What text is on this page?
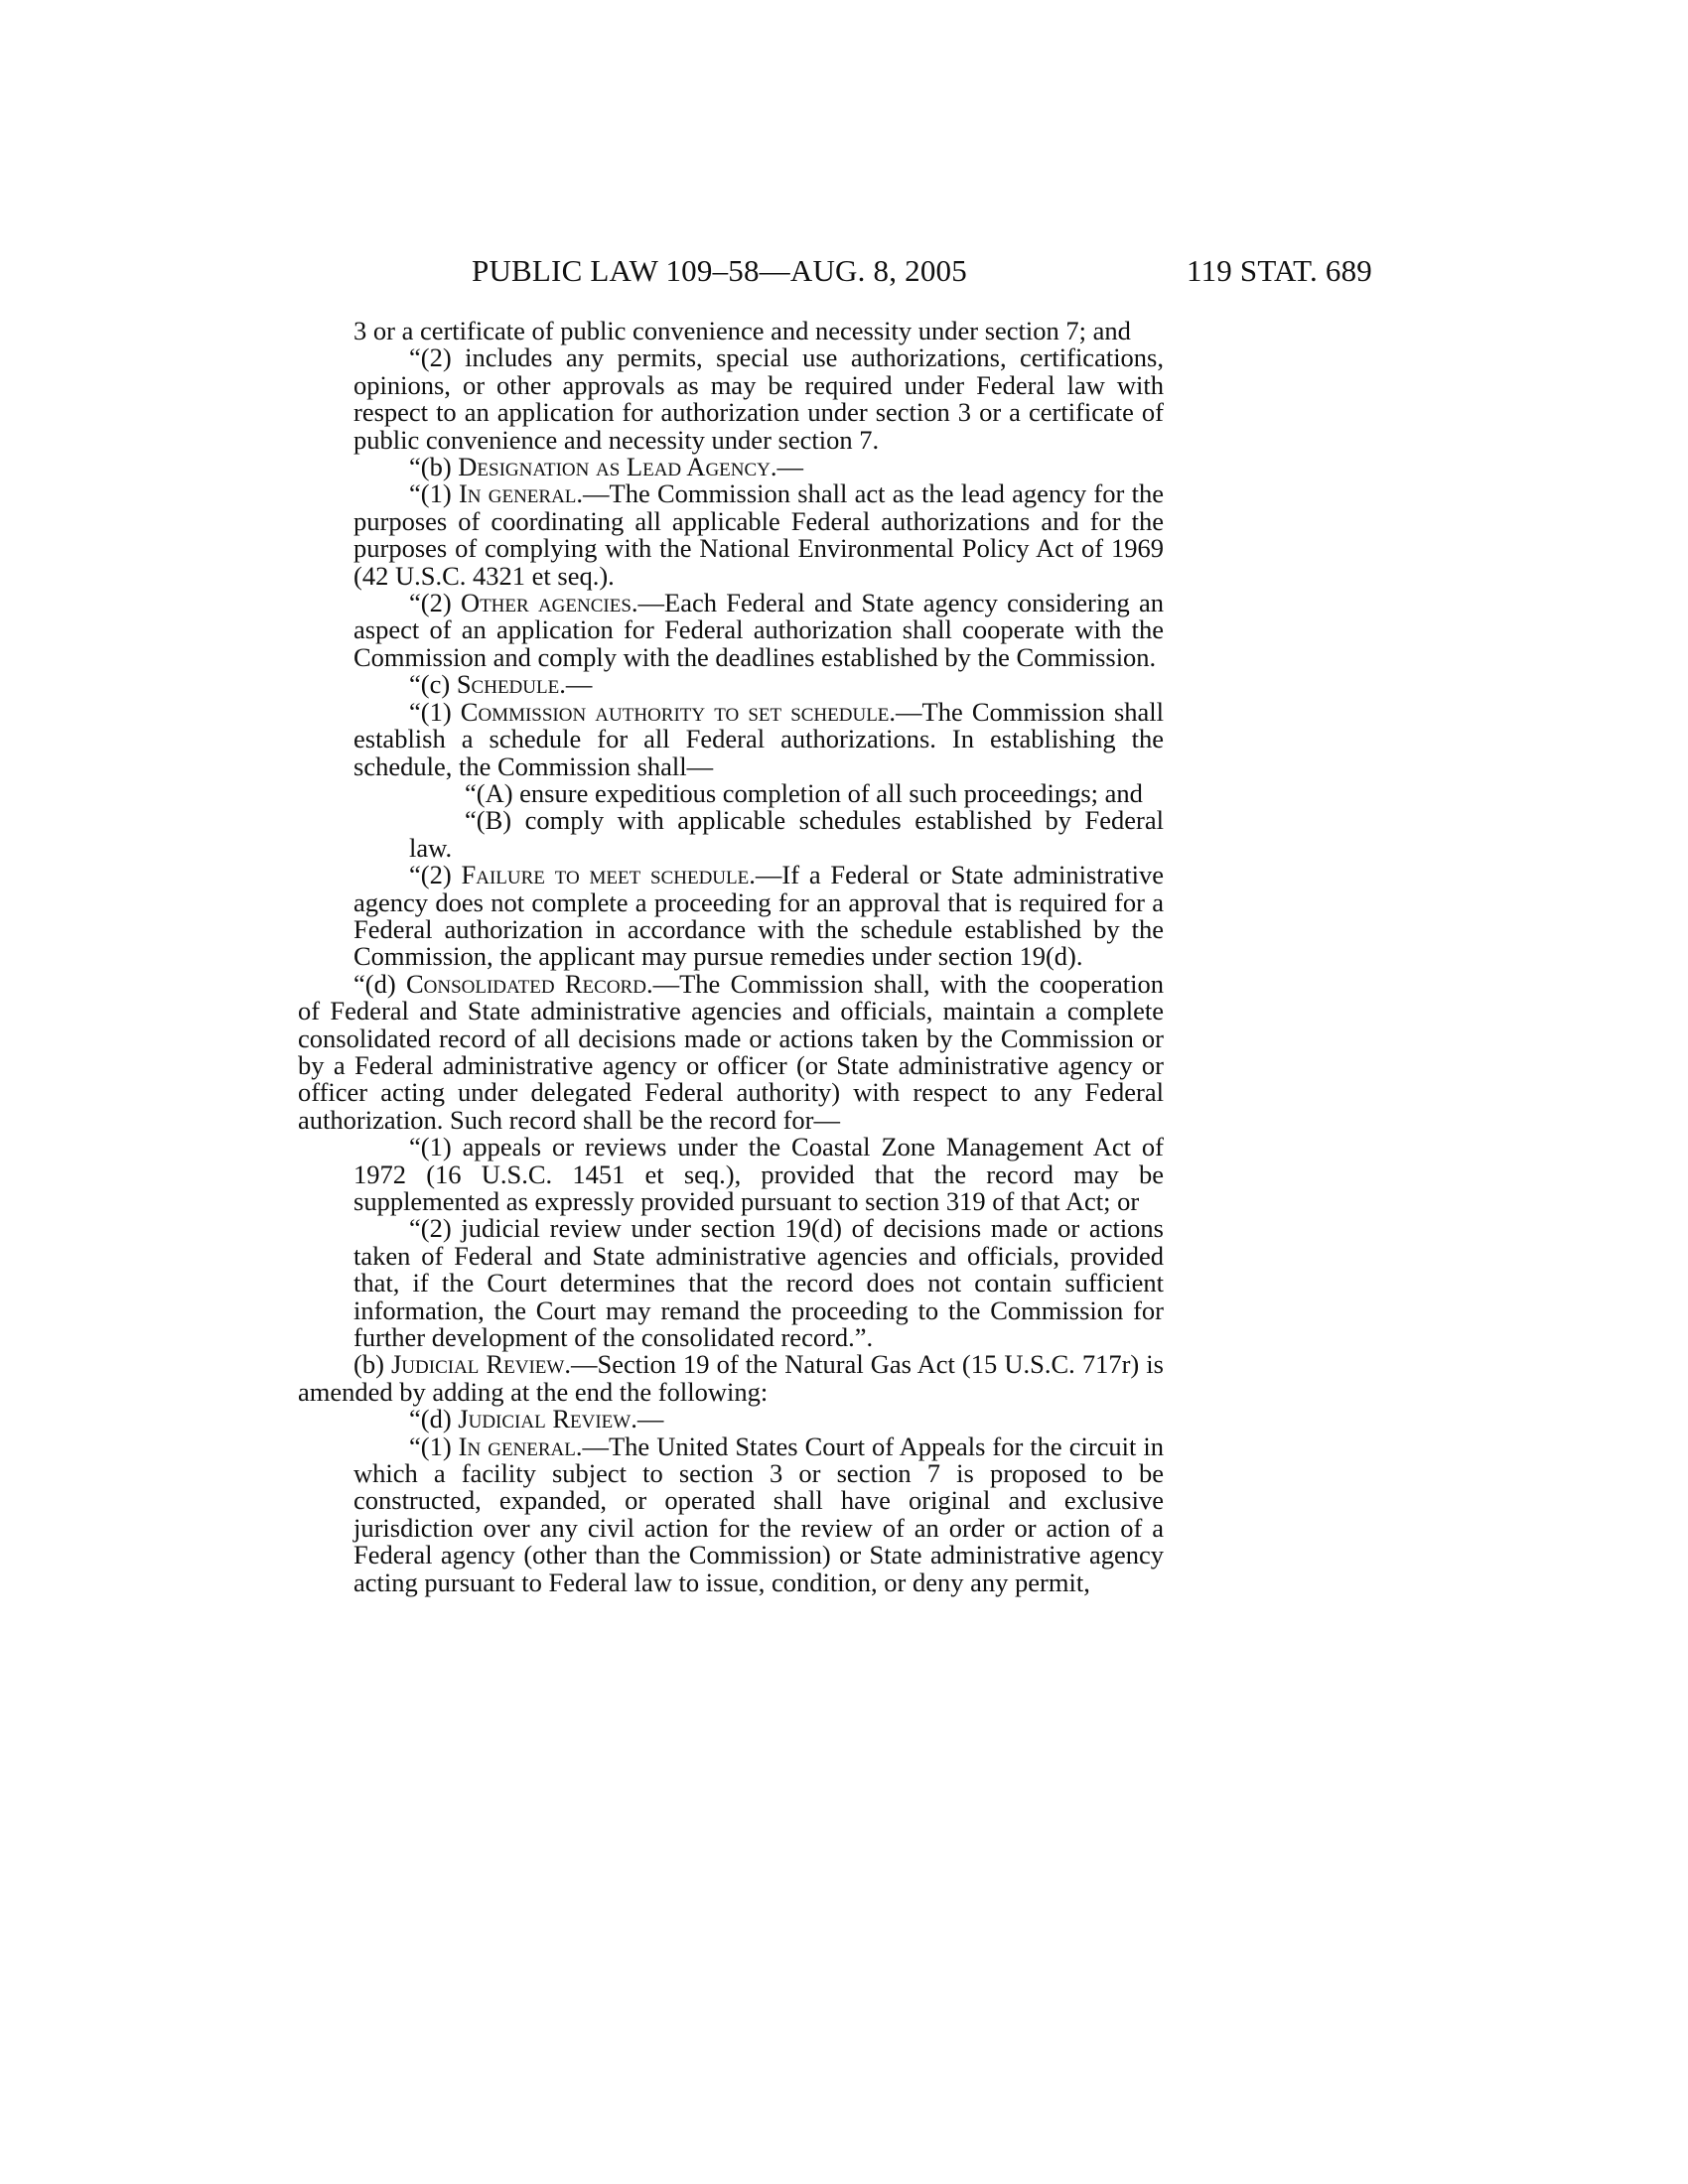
PUBLIC LAW 109–58—AUG. 8, 2005	119 STAT. 689

3 or a certificate of public convenience and necessity under section 7; and

“(2) includes any permits, special use authorizations, certifications, opinions, or other approvals as may be required under Federal law with respect to an application for authorization under section 3 or a certificate of public convenience and necessity under section 7.

“(b) Designation as Lead Agency.—

“(1) In general.—The Commission shall act as the lead agency for the purposes of coordinating all applicable Federal authorizations and for the purposes of complying with the National Environmental Policy Act of 1969 (42 U.S.C. 4321 et seq.).

“(2) Other agencies.—Each Federal and State agency considering an aspect of an application for Federal authorization shall cooperate with the Commission and comply with the deadlines established by the Commission.

“(c) Schedule.—

“(1) Commission authority to set schedule.—The Commission shall establish a schedule for all Federal authorizations. In establishing the schedule, the Commission shall—

“(A) ensure expeditious completion of all such proceedings; and

“(B) comply with applicable schedules established by Federal law.

“(2) Failure to meet schedule.—If a Federal or State administrative agency does not complete a proceeding for an approval that is required for a Federal authorization in accordance with the schedule established by the Commission, the applicant may pursue remedies under section 19(d).

“(d) Consolidated Record.—The Commission shall, with the cooperation of Federal and State administrative agencies and officials, maintain a complete consolidated record of all decisions made or actions taken by the Commission or by a Federal administrative agency or officer (or State administrative agency or officer acting under delegated Federal authority) with respect to any Federal authorization. Such record shall be the record for—

“(1) appeals or reviews under the Coastal Zone Management Act of 1972 (16 U.S.C. 1451 et seq.), provided that the record may be supplemented as expressly provided pursuant to section 319 of that Act; or

“(2) judicial review under section 19(d) of decisions made or actions taken of Federal and State administrative agencies and officials, provided that, if the Court determines that the record does not contain sufficient information, the Court may remand the proceeding to the Commission for further development of the consolidated record.”.

(b) Judicial Review.—Section 19 of the Natural Gas Act (15 U.S.C. 717r) is amended by adding at the end the following:

“(d) Judicial Review.—

“(1) In general.—The United States Court of Appeals for the circuit in which a facility subject to section 3 or section 7 is proposed to be constructed, expanded, or operated shall have original and exclusive jurisdiction over any civil action for the review of an order or action of a Federal agency (other than the Commission) or State administrative agency acting pursuant to Federal law to issue, condition, or deny any permit,
